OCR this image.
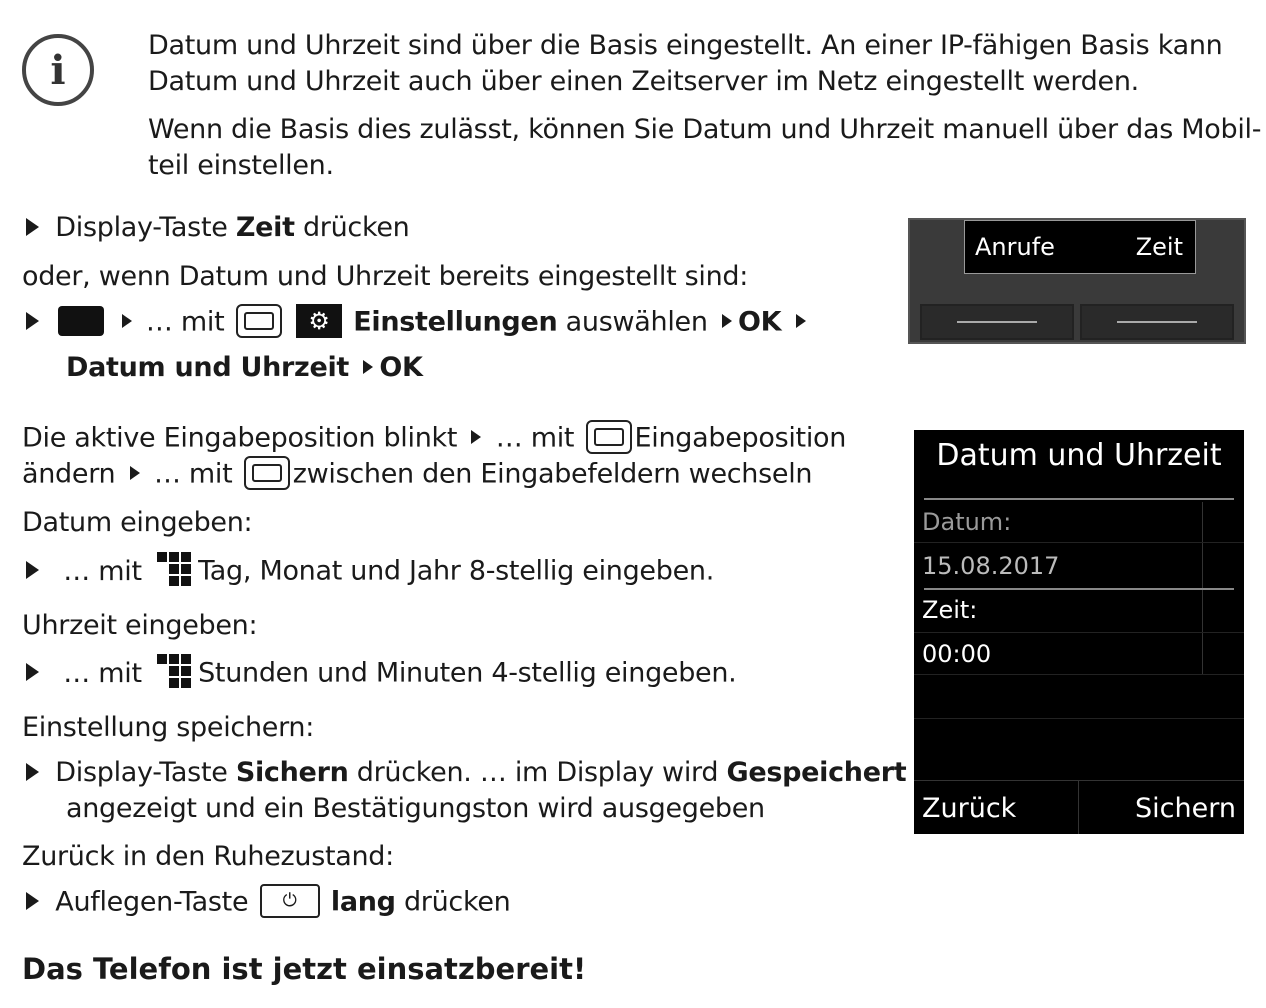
i
Datum und Uhrzeit sind über die Basis eingestellt. An einer IP-fähigen Basis kann
Datum und Uhrzeit auch über einen Zeitserver im Netz eingestellt werden.
Wenn die Basis dies zulässt, können Sie Datum und Uhrzeit manuell über das Mobil-
teil einstellen.
Display-Taste Zeit drücken
oder, wenn Datum und Uhrzeit bereits eingestellt sind:
… mit	⚙ Einstellungen auswählen OK
Datum und Uhrzeit OK
Die aktive Eingabeposition blinkt … mit Eingabeposition
ändern … mit zwischen den Eingabefeldern wechseln
Datum eingeben:
… mit Tag, Monat und Jahr 8-stellig eingeben.
Uhrzeit eingeben:
… mit Stunden und Minuten 4-stellig eingeben.
Einstellung speichern:
Display-Taste Sichern drücken. … im Display wird Gespeichert
angezeigt und ein Bestätigungston wird ausgegeben
Zurück in den Ruhezustand:
Auflegen-Taste ⏻ lang drücken
Das Telefon ist jetzt einsatzbereit!
Anrufe	Zeit
Datum und Uhrzeit
Datum:
15.08.2017
Zeit:
00:00
Zurück	Sichern
